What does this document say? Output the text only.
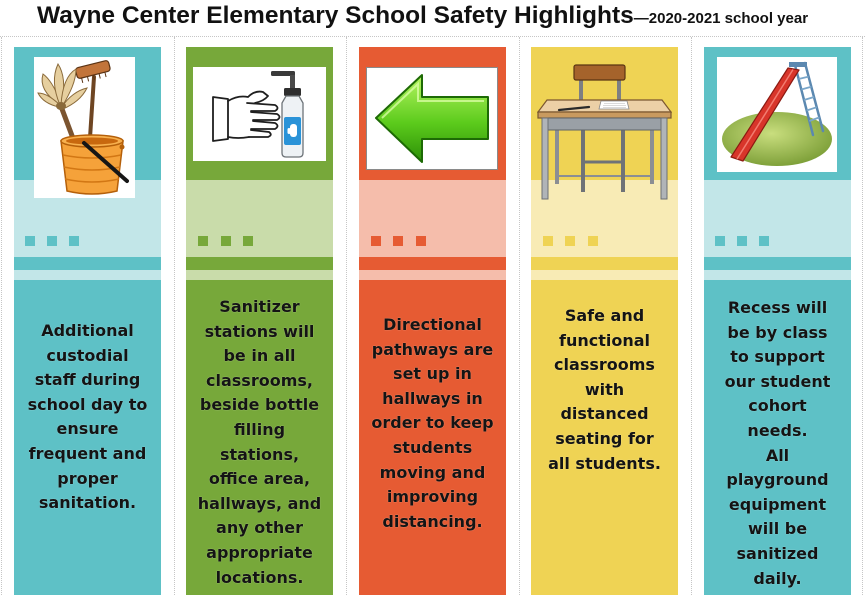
Wayne Center Elementary School Safety Highlights—2020-2021 school year
Additional
custodial
staff during
school day to
ensure
frequent and
proper
sanitation.
Sanitizer
stations will
be in all
classrooms,
beside bottle
filling
stations,
office area,
hallways, and
any other
appropriate
locations.
Directional
pathways are
set up in
hallways in
order to keep
students
moving and
improving
distancing.
Safe and
functional
classrooms
with
distanced
seating for
all students.
Recess will
be by class
to support
our student
cohort
needs.
All
playground
equipment
will be
sanitized
daily.
